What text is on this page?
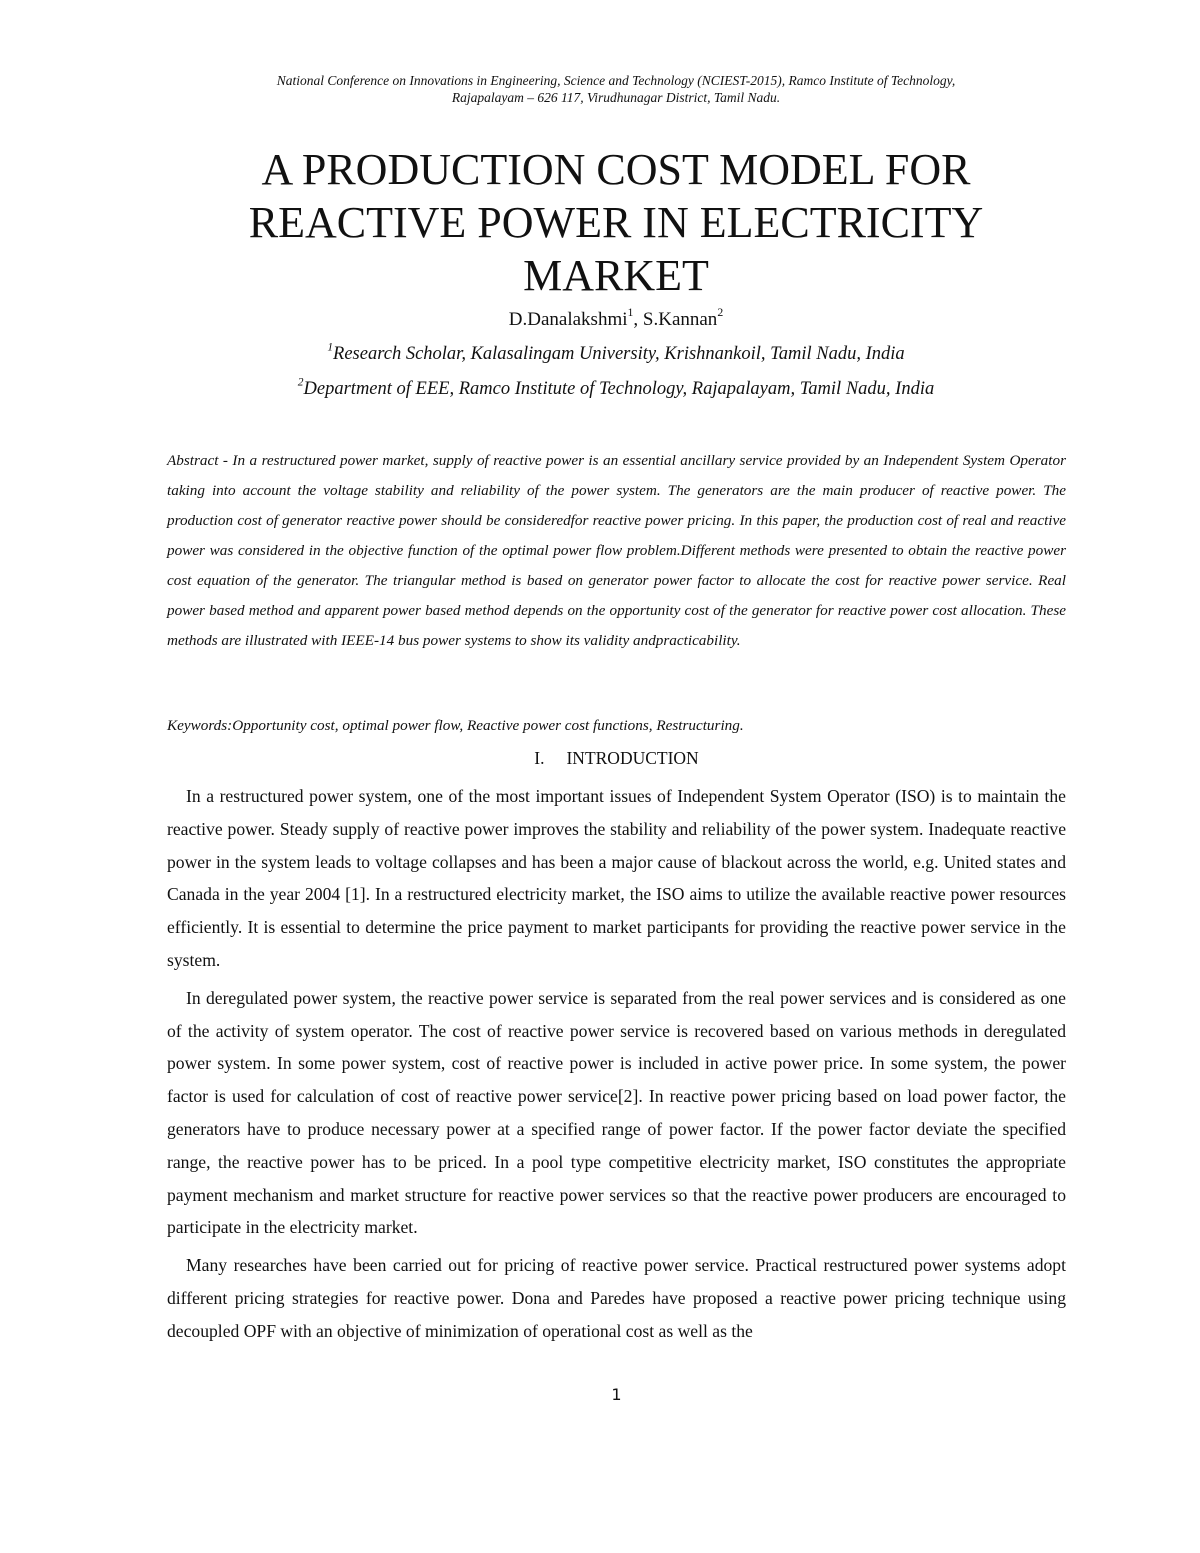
National Conference on Innovations in Engineering, Science and Technology (NCIEST-2015), Ramco Institute of Technology,
Rajapalayam – 626 117, Virudhunagar District, Tamil Nadu.
A PRODUCTION COST MODEL FOR
REACTIVE POWER IN ELECTRICITY
MARKET
D.Danalakshmi$^1$, S.Kannan$^2$
$^1$Research Scholar, Kalasalingam University, Krishnankoil, Tamil Nadu, India
$^2$Department of EEE, Ramco Institute of Technology, Rajapalayam, Tamil Nadu, India
Abstract - In a restructured power market, supply of reactive power is an essential ancillary service provided by an Independent System Operator taking into account the voltage stability and reliability of the power system. The generators are the main producer of reactive power. The production cost of generator reactive power should be consideredfor reactive power pricing. In this paper, the production cost of real and reactive power was considered in the objective function of the optimal power flow problem.Different methods were presented to obtain the reactive power cost equation of the generator. The triangular method is based on generator power factor to allocate the cost for reactive power service. Real power based method and apparent power based method depends on the opportunity cost of the generator for reactive power cost allocation. These methods are illustrated with IEEE-14 bus power systems to show its validity andpracticability.
Keywords:Opportunity cost, optimal power flow, Reactive power cost functions, Restructuring.
I. INTRODUCTION

In a restructured power system, one of the most important issues of Independent System Operator (ISO) is to maintain the reactive power. Steady supply of reactive power improves the stability and reliability of the power system. Inadequate reactive power in the system leads to voltage collapses and has been a major cause of blackout across the world, e.g. United states and Canada in the year 2004 [1]. In a restructured electricity market, the ISO aims to utilize the available reactive power resources efficiently. It is essential to determine the price payment to market participants for providing the reactive power service in the system.

In deregulated power system, the reactive power service is separated from the real power services and is considered as one of the activity of system operator. The cost of reactive power service is recovered based on various methods in deregulated power system. In some power system, cost of reactive power is included in active power price. In some system, the power factor is used for calculation of cost of reactive power service[2]. In reactive power pricing based on load power factor, the generators have to produce necessary power at a specified range of power factor. If the power factor deviate the specified range, the reactive power has to be priced. In a pool type competitive electricity market, ISO constitutes the appropriate payment mechanism and market structure for reactive power services so that the reactive power producers are encouraged to participate in the electricity market.

Many researches have been carried out for pricing of reactive power service. Practical restructured power systems adopt different pricing strategies for reactive power. Dona and Paredes have proposed a reactive power pricing technique using decoupled OPF with an objective of minimization of operational cost as well as the

1
